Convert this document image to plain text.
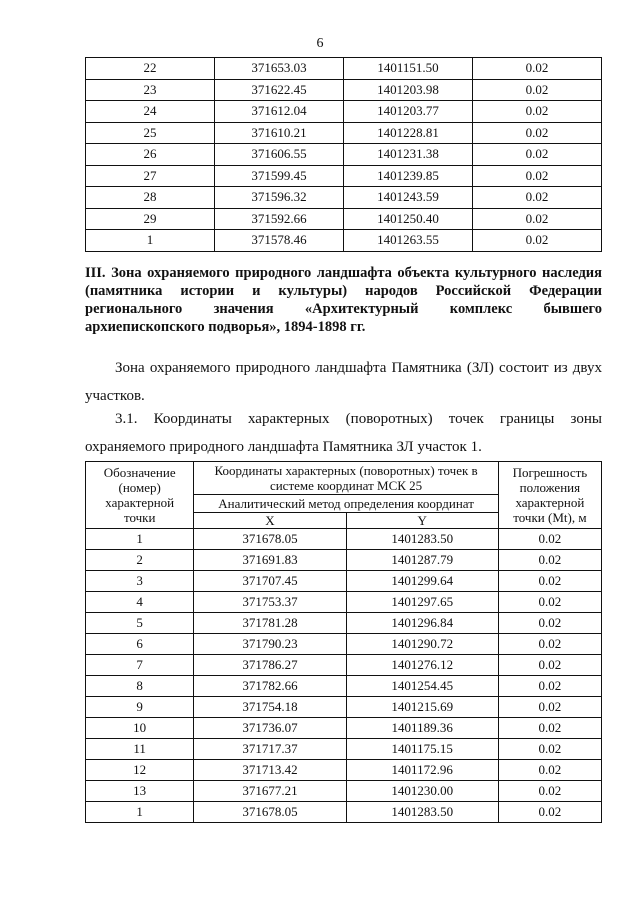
6
22	371653.03	1401151.50	0.02
23	371622.45	1401203.98	0.02
24	371612.04	1401203.77	0.02
25	371610.21	1401228.81	0.02
26	371606.55	1401231.38	0.02
27	371599.45	1401239.85	0.02
28	371596.32	1401243.59	0.02
29	371592.66	1401250.40	0.02
1	371578.46	1401263.55	0.02
III. Зона охраняемого природного ландшафта объекта культурного наследия (памятника истории и культуры) народов Российской Федерации регионального значения «Архитектурный комплекс бывшего архиепископского подворья», 1894-1898 гг.
Зона охраняемого природного ландшафта Памятника (ЗЛ) состоит из двух участков.
3.1. Координаты характерных (поворотных) точек границы зоны охраняемого природного ландшафта Памятника ЗЛ участок 1.
Обозначение (номер) характерной точки	Координаты характерных (поворотных) точек в системе координат МСК 25		Погрешность положения характерной точки (Mt), м
	Аналитический метод определения координат		
	X	Y	
1	371678.05	1401283.50	0.02
2	371691.83	1401287.79	0.02
3	371707.45	1401299.64	0.02
4	371753.37	1401297.65	0.02
5	371781.28	1401296.84	0.02
6	371790.23	1401290.72	0.02
7	371786.27	1401276.12	0.02
8	371782.66	1401254.45	0.02
9	371754.18	1401215.69	0.02
10	371736.07	1401189.36	0.02
11	371717.37	1401175.15	0.02
12	371713.42	1401172.96	0.02
13	371677.21	1401230.00	0.02
1	371678.05	1401283.50	0.02
